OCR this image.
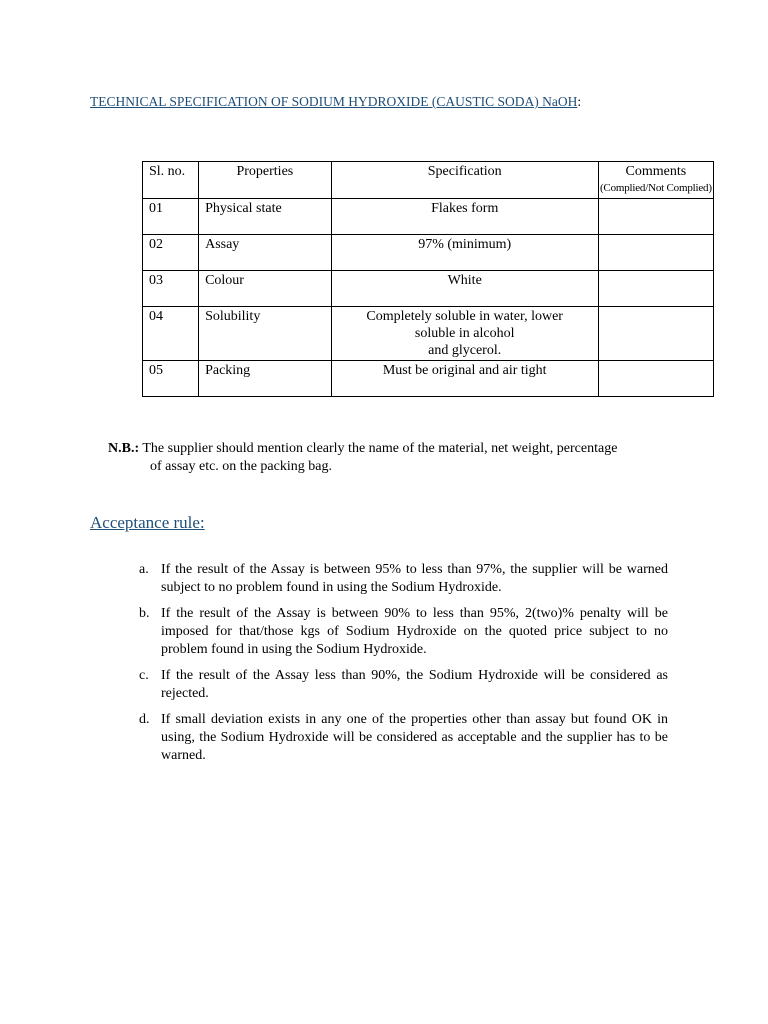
TECHNICAL SPECIFICATION OF SODIUM HYDROXIDE (CAUSTIC SODA) NaOH:
Sl. no.	Properties	Specification	Comments
(Complied/Not Complied)

01	Physical state	Flakes form	
02	Assay	97% (minimum)	
03	Colour	White	
04	Solubility	Completely soluble in water, lower
soluble in alcohol
and glycerol.	

05	Packing	Must be original and air tight	
N.B.: The supplier should mention clearly the name of the material, net weight, percentage
of assay etc. on the packing bag.
Acceptance rule:
a. If the result of the Assay is between 95% to less than 97%, the supplier will be warned subject to no problem found in using the Sodium Hydroxide.
b. If the result of the Assay is between 90% to less than 95%, 2(two)% penalty will be imposed for that/those kgs of Sodium Hydroxide on the quoted price subject to no problem found in using the Sodium Hydroxide.
c. If the result of the Assay less than 90%, the Sodium Hydroxide will be considered as rejected.
d. If small deviation exists in any one of the properties other than assay but found OK in using, the Sodium Hydroxide will be considered as acceptable and the supplier has to be warned.
